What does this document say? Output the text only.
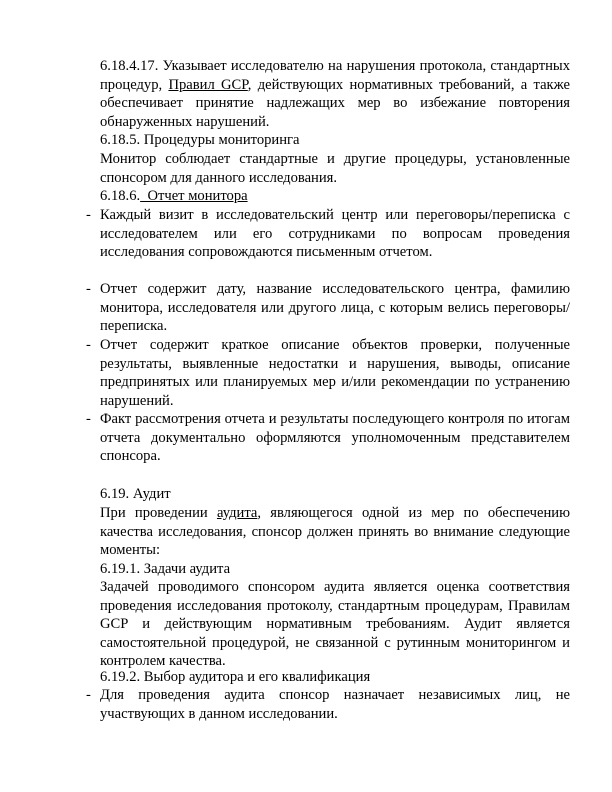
6.18.4.17. Указывает исследователю на нарушения протокола, стандартных процедур, Правил GCP, действующих нормативных требований, а также обеспечивает принятие надлежащих мер во избежание повторения обнаруженных нарушений.

6.18.5. Процедуры мониторинга

Монитор соблюдает стандартные и другие процедуры, установленные спонсором для данного исследования.

6.18.6.  Отчет монитора

- Каждый визит в исследовательский центр или переговоры/переписка с исследователем или его сотрудниками по вопросам проведения исследования сопровождаются письменным отчетом.
- Отчет содержит дату, название исследовательского центра, фамилию монитора, исследователя или другого лица, с которым велись переговоры/переписка.
- Отчет содержит краткое описание объектов проверки, полученные результаты, выявленные недостатки и нарушения, выводы, описание предпринятых или планируемых мер и/или рекомендации по устранению нарушений.
- Факт рассмотрения отчета и результаты последующего контроля по итогам отчета документально оформляются уполномоченным представителем спонсора.

6.19. Аудит

При проведении аудита, являющегося одной из мер по обеспечению качества исследования, спонсор должен принять во внимание следующие моменты:

6.19.1. Задачи аудита

Задачей проводимого спонсором аудита является оценка соответствия проведения исследования протоколу, стандартным процедурам, Правилам GCP и действующим нормативным требованиям. Аудит является самостоятельной процедурой, не связанной с рутинным мониторингом и контролем качества.

6.19.2. Выбор аудитора и его квалификация

- Для проведения аудита спонсор назначает независимых лиц, не участвующих в данном исследовании.
